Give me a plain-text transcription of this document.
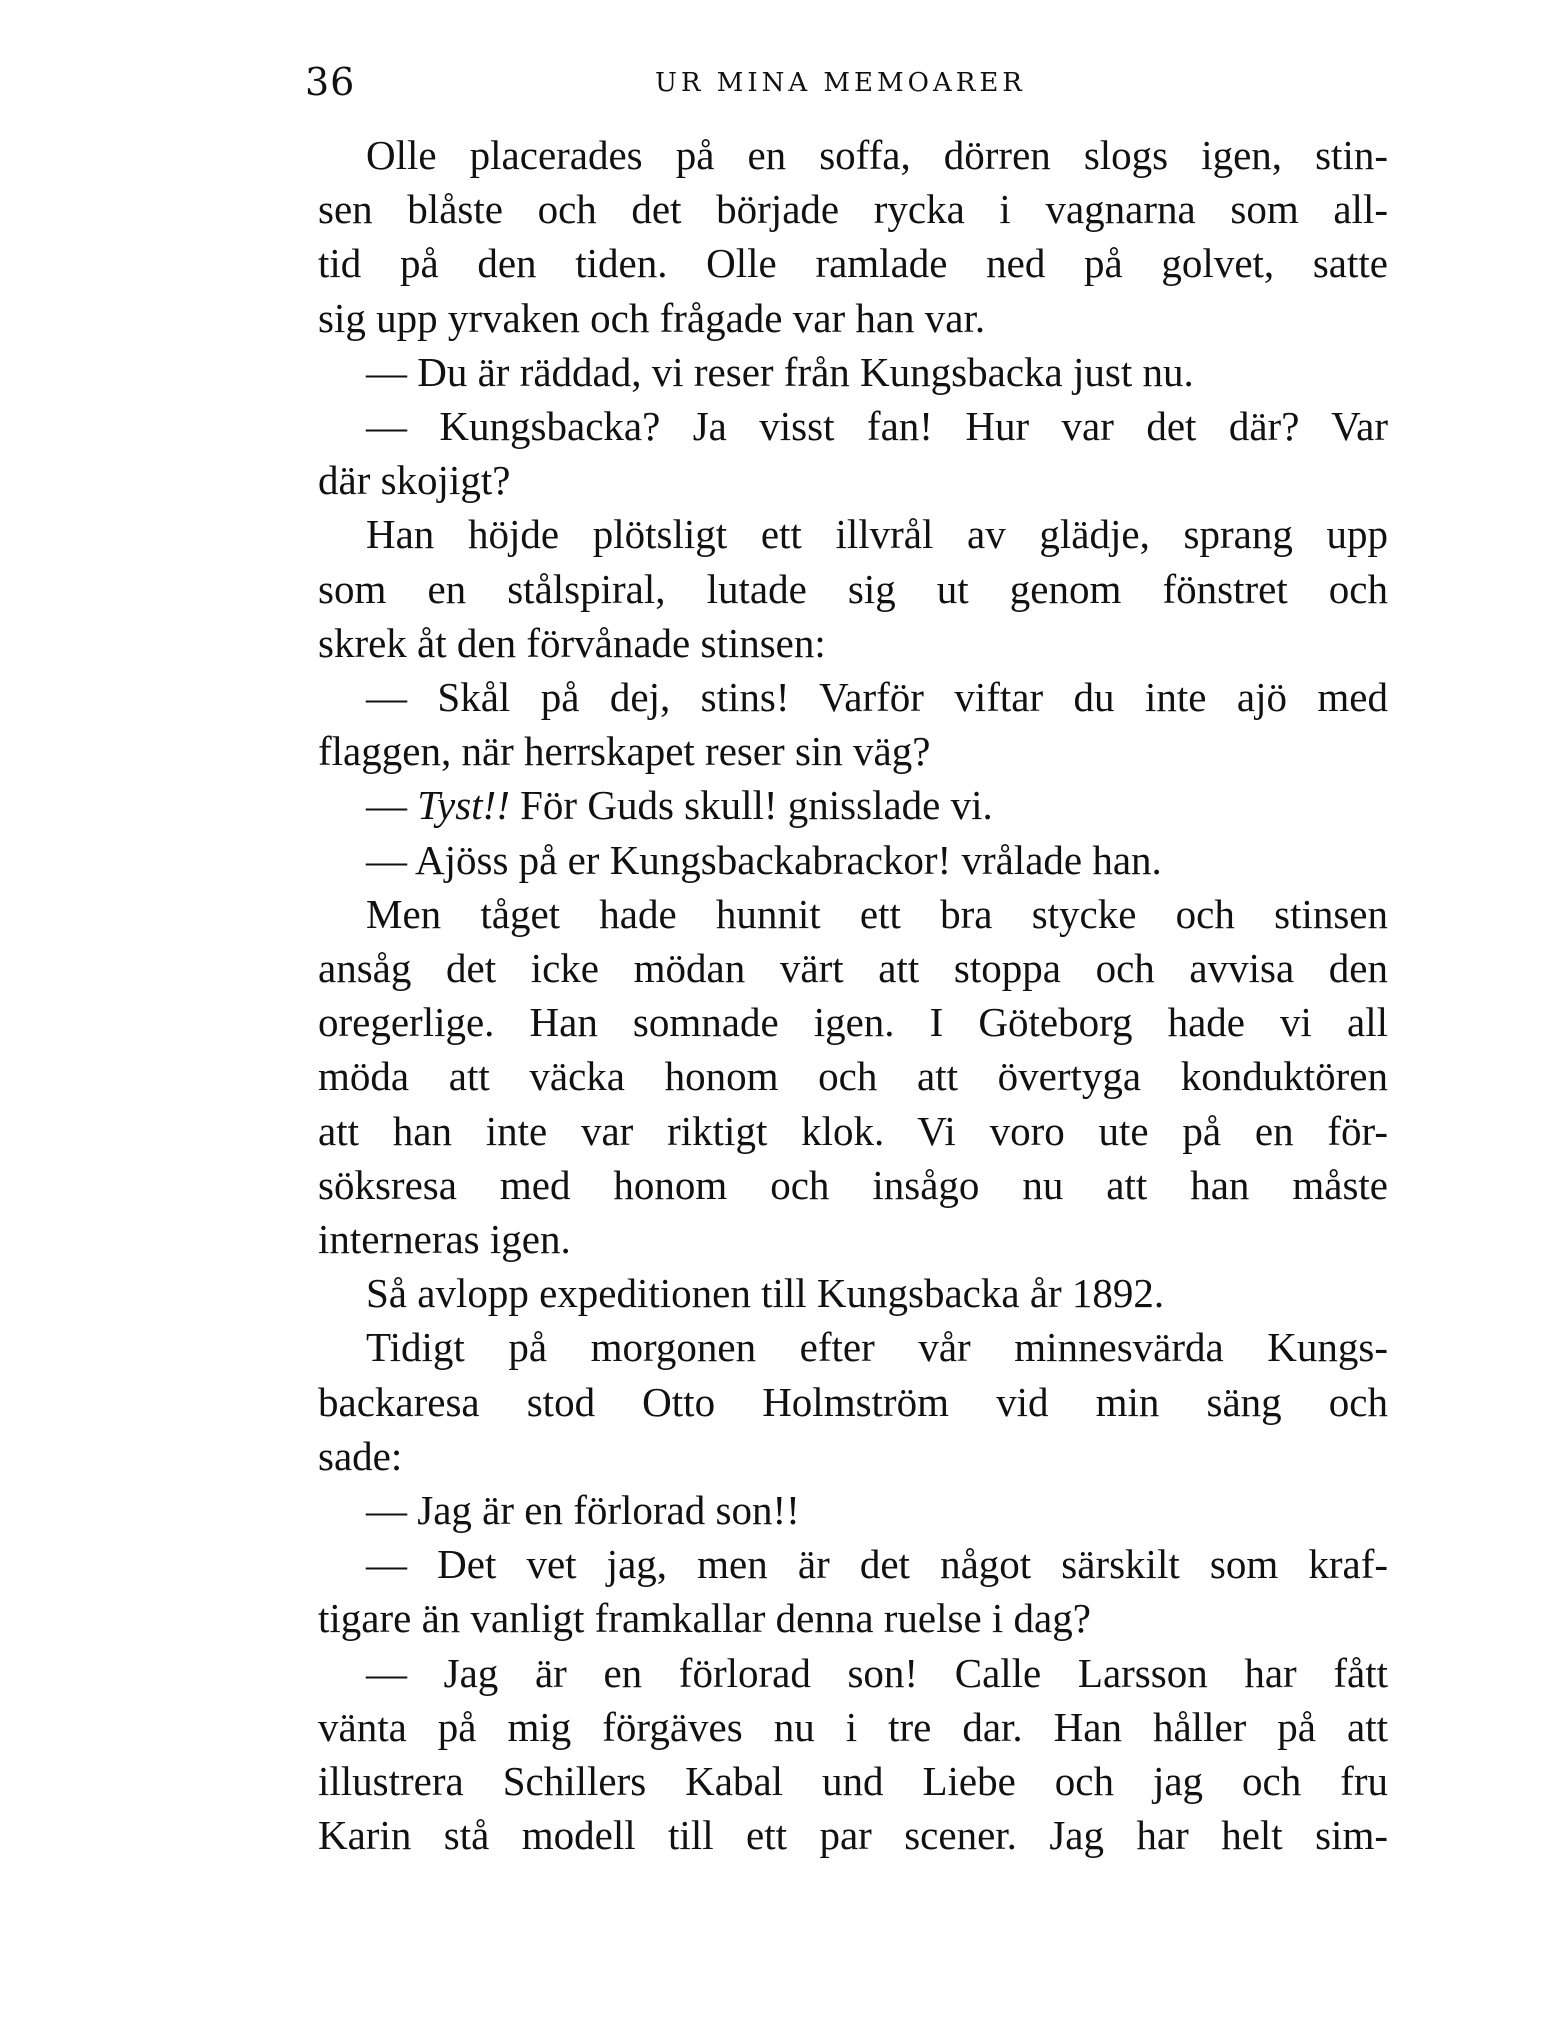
36	UR MINA MEMOARER

Olle placerades på en soffa, dörren slogs igen, stin-
sen blåste och det började rycka i vagnarna som all-
tid på den tiden. Olle ramlade ned på golvet, satte
sig upp yrvaken och frågade var han var.

— Du är räddad, vi reser från Kungsbacka just nu.

— Kungsbacka? Ja visst fan! Hur var det där? Var
där skojigt?

Han höjde plötsligt ett illvrål av glädje, sprang upp
som en stålspiral, lutade sig ut genom fönstret och
skrek åt den förvånade stinsen:

— Skål på dej, stins! Varför viftar du inte ajö med
flaggen, när herrskapet reser sin väg?

— Tyst!! För Guds skull! gnisslade vi.

— Ajöss på er Kungsbackabrackor! vrålade han.

Men tåget hade hunnit ett bra stycke och stinsen
ansåg det icke mödan värt att stoppa och avvisa den
oregerlige. Han somnade igen. I Göteborg hade vi all
möda att väcka honom och att övertyga konduktören
att han inte var riktigt klok. Vi voro ute på en för-
söksresa med honom och insågo nu att han måste
interneras igen.

Så avlopp expeditionen till Kungsbacka år 1892.

Tidigt på morgonen efter vår minnesvärda Kungs-
backaresa stod Otto Holmström vid min säng och
sade:

— Jag är en förlorad son!!

— Det vet jag, men är det något särskilt som kraf-
tigare än vanligt framkallar denna ruelse i dag?

— Jag är en förlorad son! Calle Larsson har fått
vänta på mig förgäves nu i tre dar. Han håller på att
illustrera Schillers Kabal und Liebe och jag och fru
Karin stå modell till ett par scener. Jag har helt sim-
